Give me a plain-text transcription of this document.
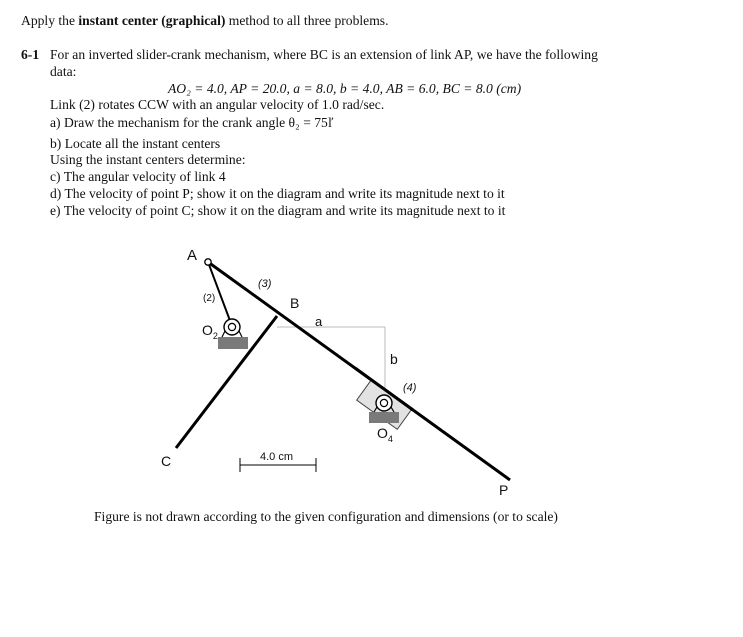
Apply the instant center (graphical) method to all three problems.
6-1 For an inverted slider-crank mechanism, where BC is an extension of link AP, we have the following
data:
AO₂ = 4.0, AP = 20.0, a = 8.0, b = 4.0, AB = 6.0, BC = 8.0 (cm)
Link (2) rotates CCW with an angular velocity of 1.0 rad/sec.
a) Draw the mechanism for the crank angle θ₂ = 75ľ
b) Locate all the instant centers
Using the instant centers determine:
c) The angular velocity of link 4
d) The velocity of point P; show it on the diagram and write its magnitude next to it
e) The velocity of point C; show it on the diagram and write its magnitude next to it
A
(2)
(3)
B
a
$O_2$
b
(4)
$O_4$
C
P
4.0 cm
Figure is not drawn according to the given configuration and dimensions (or to scale)
